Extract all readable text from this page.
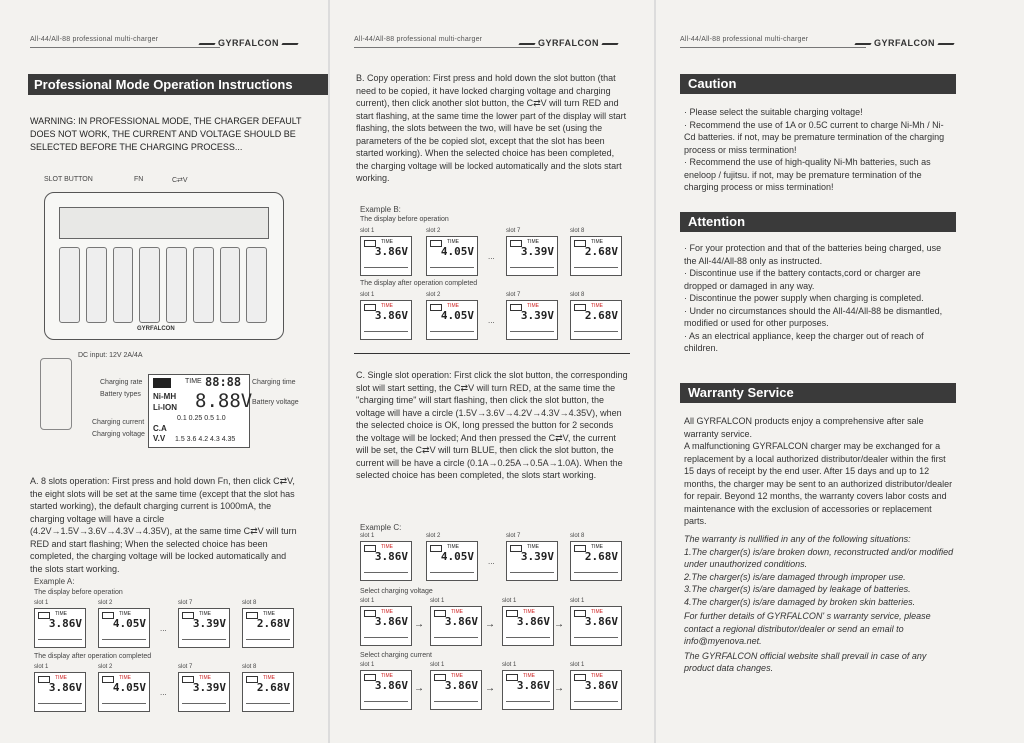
All-44/All-88 professional multi-charger	GYRFALCON
Professional Mode Operation Instructions
WARNING: IN PROFESSIONAL MODE, THE CHARGER DEFAULT DOES NOT WORK, THE CURRENT AND VOLTAGE SHOULD BE SELECTED BEFORE THE CHARGING PROCESS...
SLOT BUTTON	FN	C⇄V
GYRFALCON
DC input: 12V 2A/4A
TIME 88:88
Ni-MH
Li-ION 8.88V
0.1 0.25 0.5 1.0
C.A
V.V 1.5 3.6 4.2 4.3 4.35
Charging rate
Battery types
Charging current
Charging voltage
Charging time
Battery voltage
A. 8 slots operation: First press and hold down Fn, then click C⇄V, the eight slots will be set at the same time (except that the slot has started working), the default charging current is 1000mA, the charging voltage will have a circle (4.2V→1.5V→3.6V→4.3V→4.35V), at the same time C⇄V will turn RED and start flashing; When the selected choice has been completed, the charging voltage will be locked automatically and the slots start working.
Example A:
The display before operation
The display after operation completed
slot 1
TIME
3.86V
slot 2
TIME
4.05V
slot 7
TIME
3.39V
slot 8
TIME
2.68V
...
slot 1
TIME
3.86V
slot 2
TIME
4.05V
slot 7
TIME
3.39V
slot 8
TIME
2.68V
...
All-44/All-88 professional multi-charger	GYRFALCON
B. Copy operation: First press and hold down the slot button (that need to be copied, it have locked charging voltage and charging current), then click another slot button, the C⇄V will turn RED and start flashing, at the same time the lower part of the display will start flashing, the slots between the two, will have be set (using the parameters of the be copied slot, except that the slot has been started working). When the selected choice has been completed, the charging voltage will be locked automatically and the slots start working.
Example B:
The display before operation
The display after operation completed
slot 1
TIME
3.86V
slot 2
TIME
4.05V
slot 7
TIME
3.39V
slot 8
TIME
2.68V
...
slot 1
TIME
3.86V
slot 2
TIME
4.05V
slot 7
TIME
3.39V
slot 8
TIME
2.68V
...
C. Single slot operation: First click the slot button, the corresponding slot will start setting, the C⇄V will turn RED, at the same time the "charging time" will start flashing, then click the slot button, the voltage will have a circle (1.5V→3.6V→4.2V→4.3V→4.35V), when the selected choice is OK, long pressed the button for 2 seconds the voltage will be locked; And then pressed the C⇄V, the current will be set, the C⇄V will turn BLUE, then click the slot button, the current will be have a circle (0.1A→0.25A→0.5A→1.0A). When the selected choice has been completed, the slots start working.
Example C:
slot 1
TIME
3.86V
slot 2
TIME
4.05V
slot 7
TIME
3.39V
slot 8
TIME
2.68V
...
Select charging voltage
slot 1
TIME
3.86V
slot 1
TIME
3.86V
slot 1
TIME
3.86V
slot 1
TIME
3.86V
→	→	→
Select charging current
slot 1
TIME
3.86V
slot 1
TIME
3.86V
slot 1
TIME
3.86V
slot 1
TIME
3.86V
→	→	→
All-44/All-88 professional multi-charger	GYRFALCON
Caution
· Please select the suitable charging voltage!
· Recommend the use of 1A or 0.5C current to charge Ni-Mh / Ni-Cd batteries. if not, may be premature termination of the charging process or miss termination!
· Recommend the use of high-quality Ni-Mh batteries, such as eneloop / fujitsu. if not, may be premature termination of the charging process or miss termination!
Attention
· For your protection and that of the batteries being charged, use the All-44/All-88 only as instructed.
· Discontinue use if the battery contacts,cord or charger are dropped or damaged in any way.
· Discontinue the power supply when charging is completed.
· Under no circumstances should the All-44/All-88 be dismantled, modified or used for other purposes.
· As an electrical appliance, keep the charger out of reach of children.
Warranty Service
All GYRFALCON products enjoy a comprehensive after sale warranty service.
A malfunctioning GYRFALCON charger may be exchanged for a replacement by a local authorized distributor/dealer within the first 15 days of receipt by the end user. After 15 days and up to 12 months, the charger may be sent to an authorized distributor/dealer for repair. Beyond 12 months, the warranty covers labor costs and maintenance with the exclusion of accessories or replacement parts.
The warranty is nullified in any of the following situations:
1.The charger(s) is/are broken down, reconstructed and/or modified under unauthorized conditions.
2.The charger(s) is/are damaged through improper use.
3.The charger(s) is/are damaged by leakage of batteries.
4.The charger(s) is/are damaged by broken skin batteries.
For further details of GYRFALCON' s warranty service, please contact a regional distributor/dealer or send an email to info@myenova.net.
The GYRFALCON official website shall prevail in case of any product data changes.
